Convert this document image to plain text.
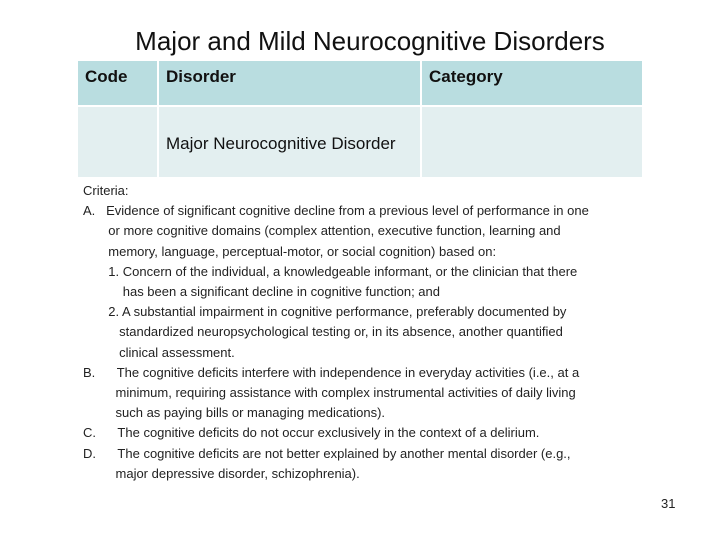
Major and Mild Neurocognitive Disorders
Code	Disorder	Category

	Major Neurocognitive Disorder	

Criteria:
A.   Evidence of significant cognitive decline from a previous level of performance in one
or more cognitive domains (complex attention, executive function, learning and
memory, language, perceptual-motor, or social cognition) based on:
1. Concern of the individual, a knowledgeable informant, or the clinician that there
has been a significant decline in cognitive function; and
2. A substantial impairment in cognitive performance, preferably documented by
standardized neuropsychological testing or, in its absence, another quantified
clinical assessment.
B.      The cognitive deficits interfere with independence in everyday activities (i.e., at a
minimum, requiring assistance with complex instrumental activities of daily living
such as paying bills or managing medications).
C.      The cognitive deficits do not occur exclusively in the context of a delirium.
D.      The cognitive deficits are not better explained by another mental disorder (e.g.,
major depressive disorder, schizophrenia).
31
